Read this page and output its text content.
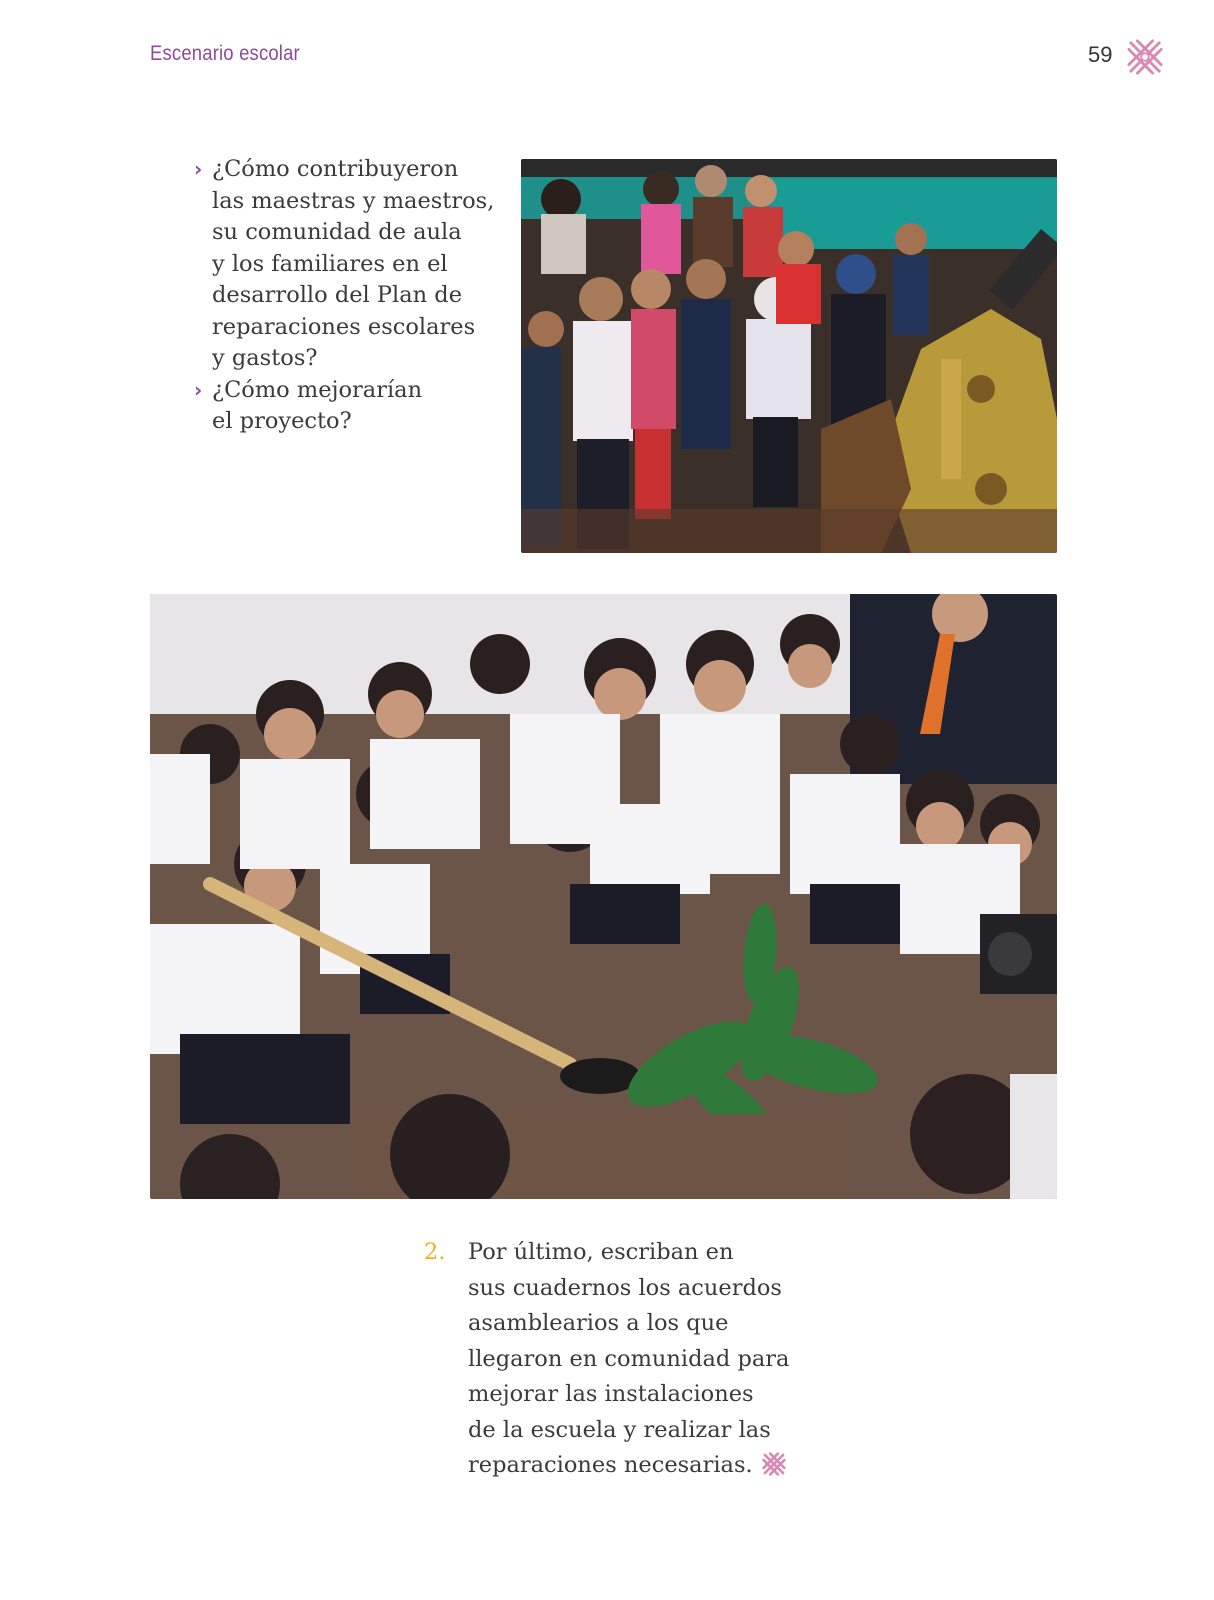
Escenario escolar	59
› ¿Cómo contribuyeron
las maestras y maestros,
su comunidad de aula
y los familiares en el
desarrollo del Plan de
reparaciones escolares
y gastos?
› ¿Cómo mejorarían
el proyecto?
2. Por último, escriban en
sus cuadernos los acuerdos
asamblearios a los que
llegaron en comunidad para
mejorar las instalaciones
de la escuela y realizar las
reparaciones necesarias.
